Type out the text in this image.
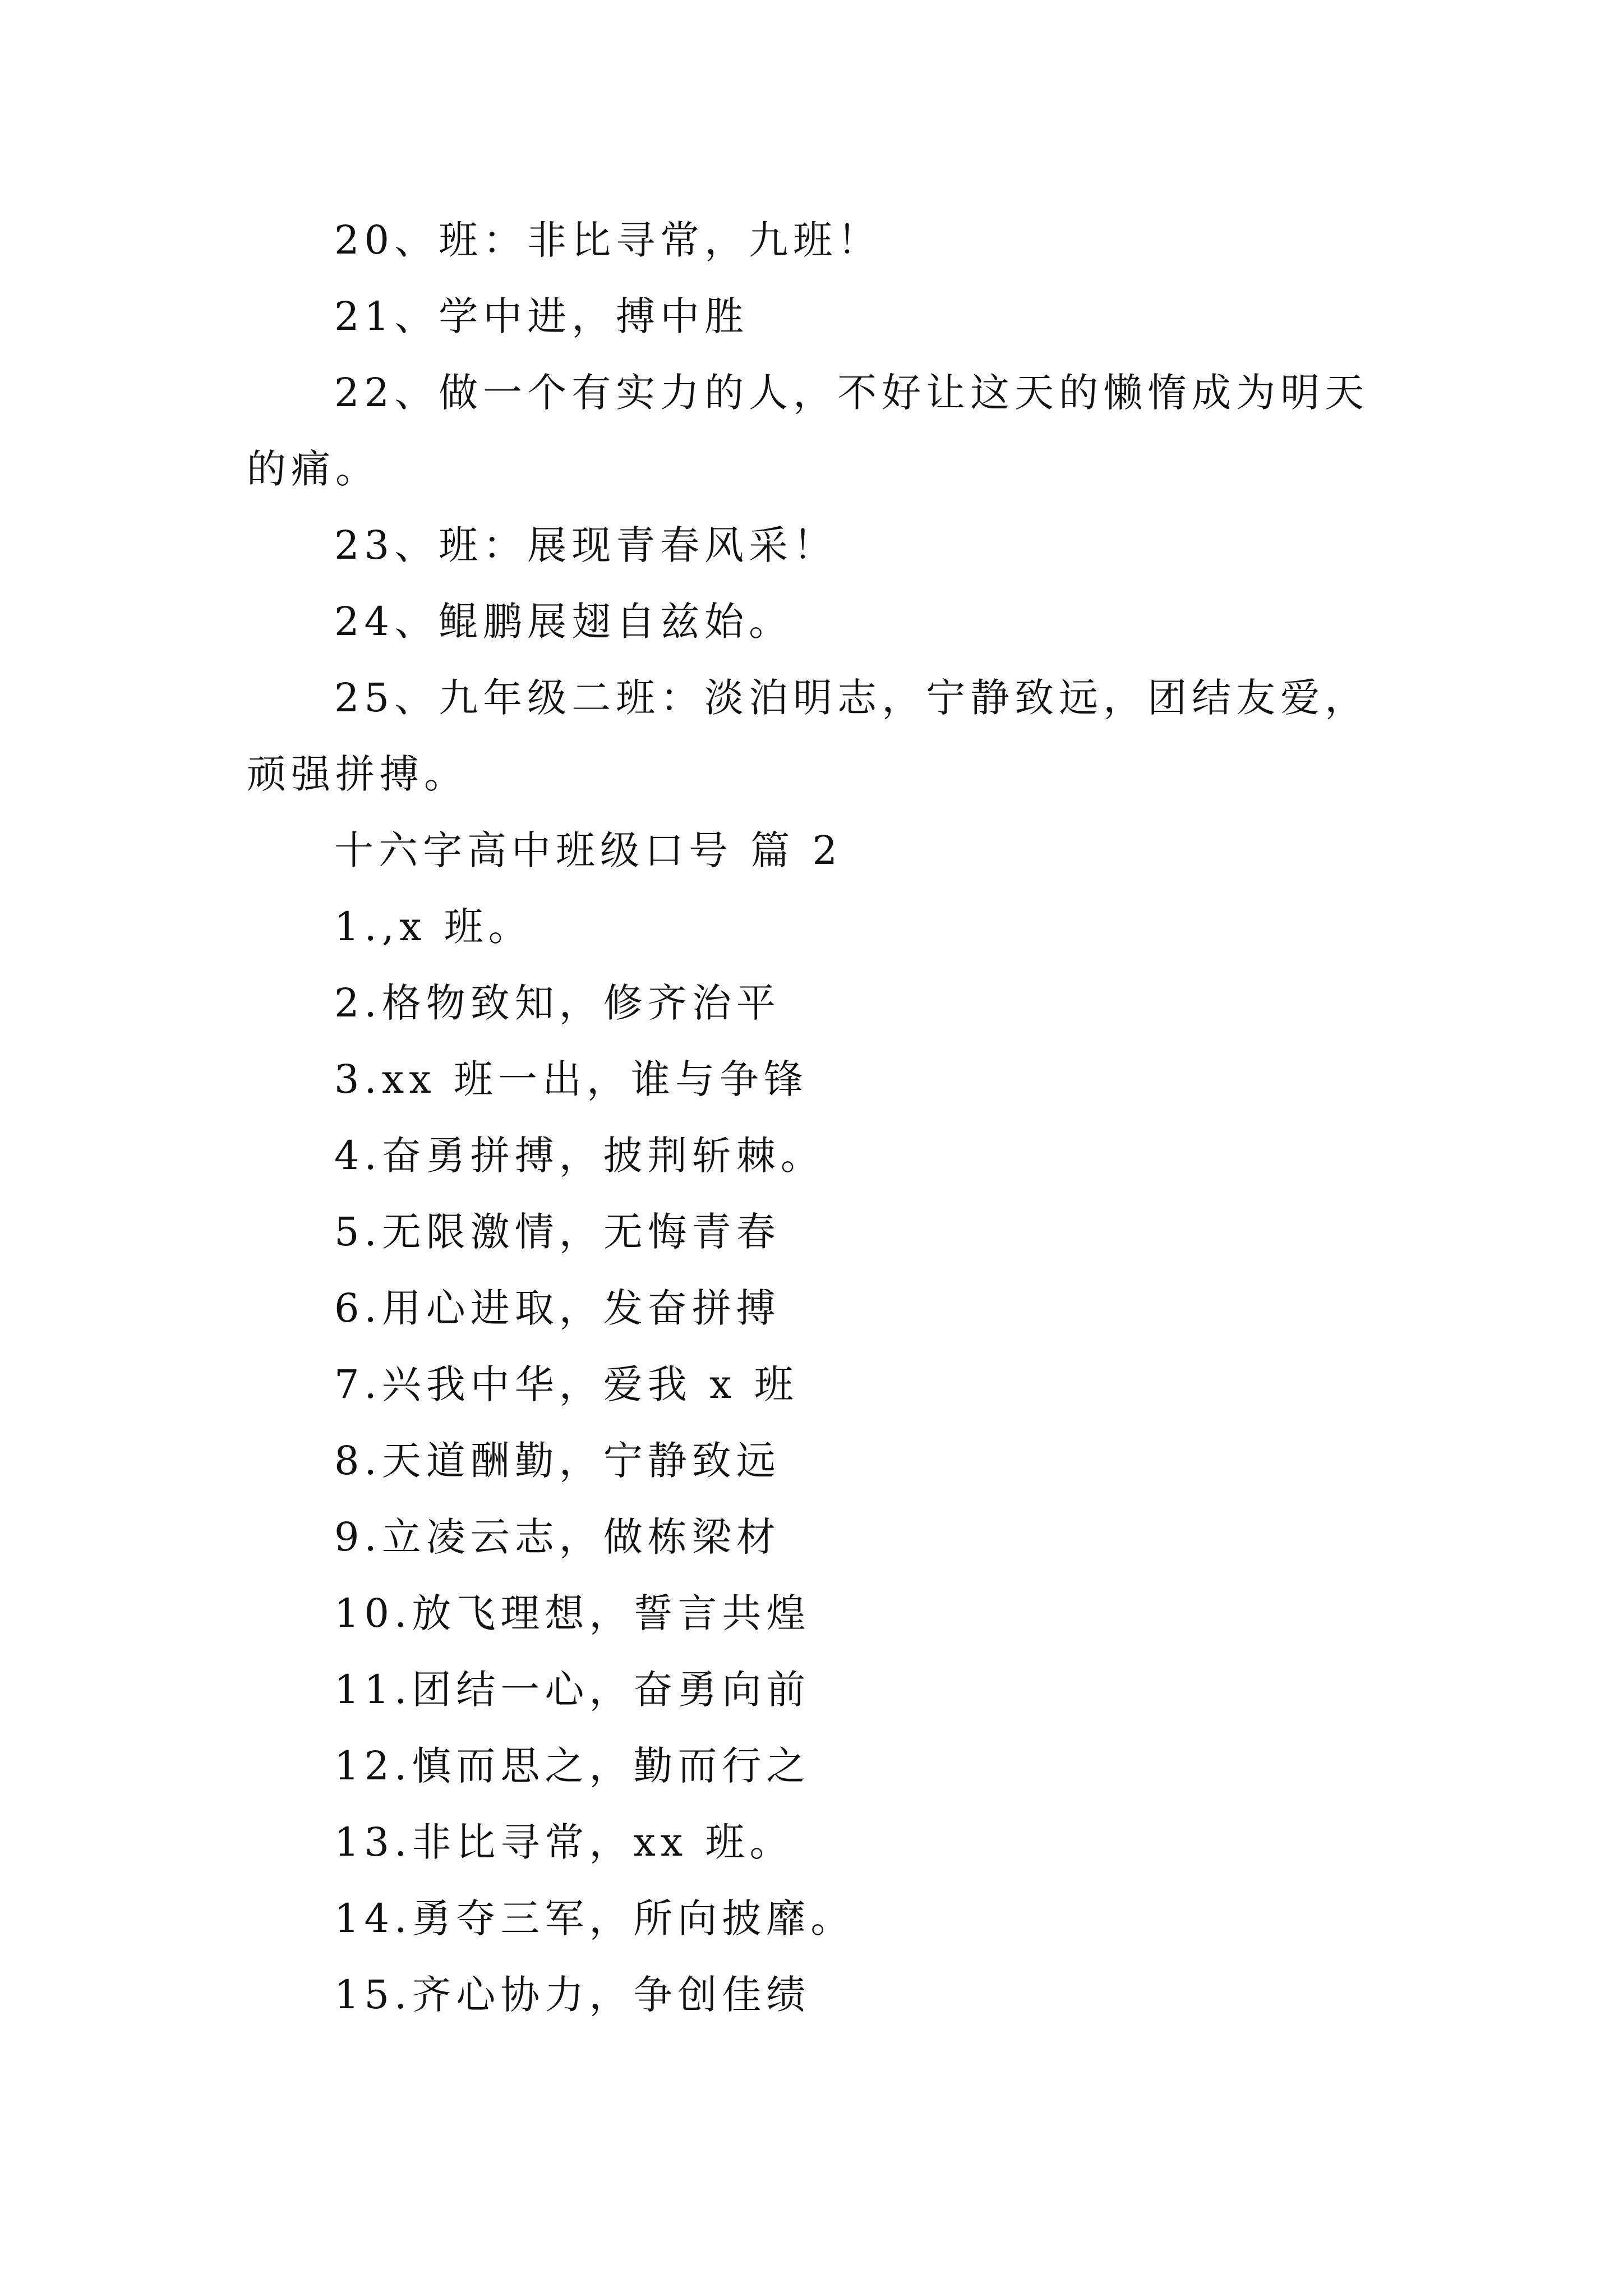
20、班：非比寻常，九班！

21、学中进，搏中胜

22、做一个有实力的人，不好让这天的懒惰成为明天的痛。

23、班：展现青春风采！

24、鲲鹏展翅自兹始。

25、九年级二班：淡泊明志，宁静致远，团结友爱，顽强拼搏。

十六字高中班级口号 篇 2

1.,x 班。

2.格物致知，修齐治平

3.xx 班一出，谁与争锋

4.奋勇拼搏，披荆斩棘。

5.无限激情，无悔青春

6.用心进取，发奋拼搏

7.兴我中华，爱我 x 班

8.天道酬勤，宁静致远

9.立凌云志，做栋梁材

10.放飞理想，誓言共煌

11.团结一心，奋勇向前

12.慎而思之，勤而行之

13.非比寻常，xx 班。

14.勇夺三军，所向披靡。

15.齐心协力，争创佳绩
